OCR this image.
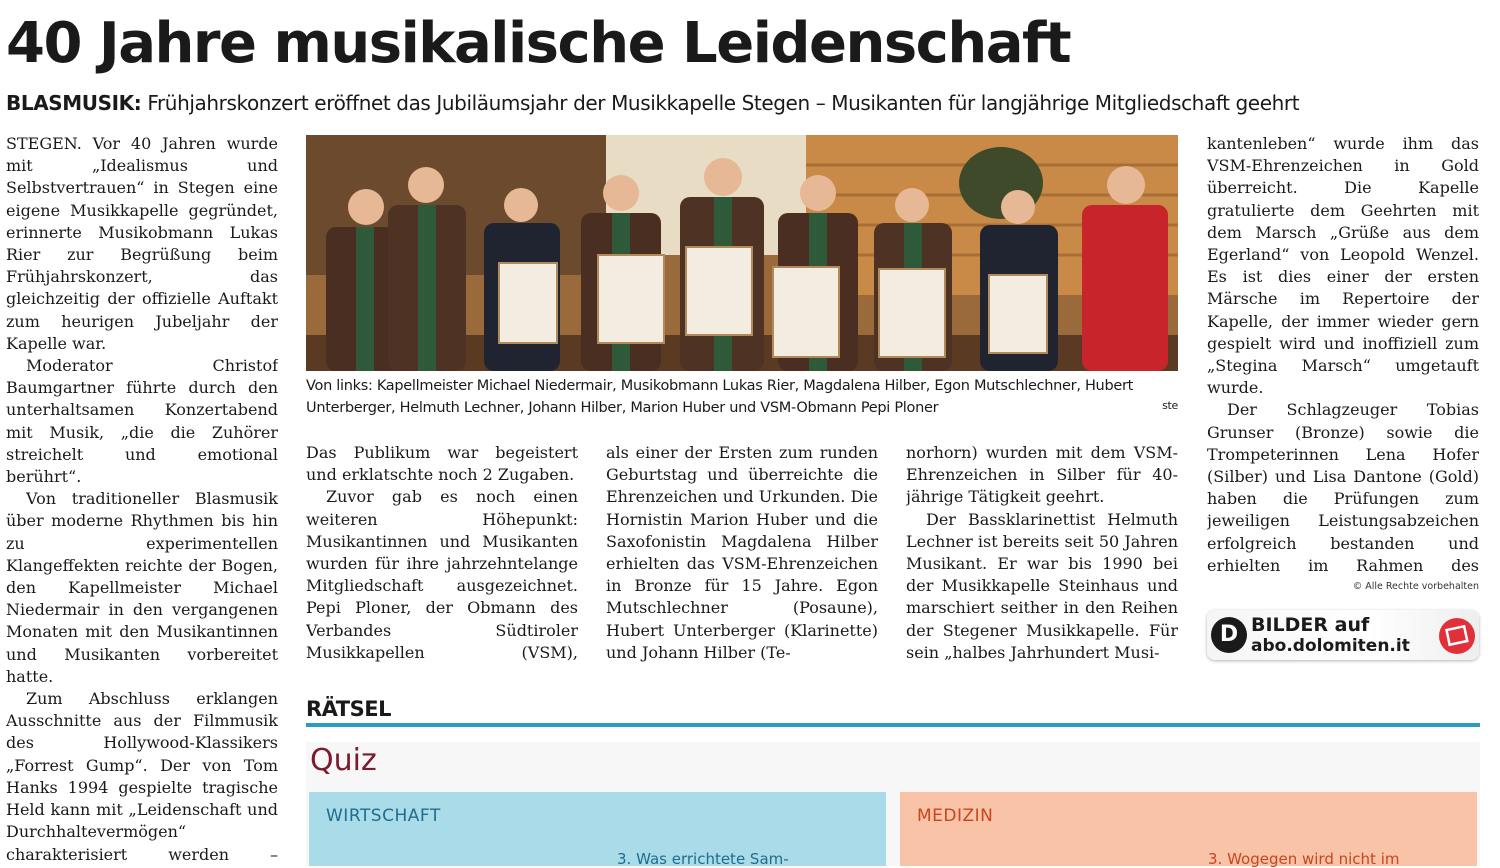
40 Jahre musikalische Leidenschaft
BLASMUSIK: Frühjahrskonzert eröffnet das Jubiläumsjahr der Musikkapelle Stegen – Musikanten für langjährige Mitgliedschaft geehrt

STEGEN. Vor 40 Jahren wurde mit „Idealismus und Selbstvertrauen“ in Stegen eine eigene Musikkapelle gegründet, erinnerte Musikobmann Lukas Rier zur Begrüßung beim Frühjahrskonzert, das gleichzeitig der offizielle Auftakt zum heurigen Jubeljahr der Kapelle war.

Moderator Christof Baumgartner führte durch den unterhaltsamen Konzertabend mit Musik, „die die Zuhörer streichelt und emotional berührt“.

Von traditioneller Blasmusik über moderne Rhythmen bis hin zu experimentellen Klangeffekten reichte der Bogen, den Kapellmeister Michael Niedermair in den vergangenen Monaten mit den Musikantinnen und Musikanten vorbereitet hatte.

Zum Abschluss erklangen Ausschnitte aus der Filmmusik des Hollywood-Klassikers „Forrest Gump“. Der von Tom Hanks 1994 gespielte tragische Held kann mit „Leidenschaft und Durchhaltevermögen“ charakterisiert werden –

Von links: Kapellmeister Michael Niedermair, Musikobmann Lukas Rier, Magdalena Hilber, Egon Mutschlechner, Hubert Unterberger, Helmuth Lechner, Johann Hilber, Marion Huber und VSM-Obmann Pepi Ploner	ste

Das Publikum war begeistert und erklatschte noch 2 Zugaben.

Zuvor gab es noch einen weiteren Höhepunkt: Musikantinnen und Musikanten wurden für ihre jahrzehntelange Mitgliedschaft ausgezeichnet. Pepi Ploner, der Obmann des Verbandes Südtiroler Musikkapellen (VSM),

als einer der Ersten zum runden Geburtstag und überreichte die Ehrenzeichen und Urkunden. Die Hornistin Marion Huber und die Saxofonistin Magdalena Hilber erhielten das VSM-Ehrenzeichen in Bronze für 15 Jahre. Egon Mutschlechner (Posaune), Hubert Unterberger (Klarinette) und Johann Hilber (Te-

norhorn) wurden mit dem VSM-Ehrenzeichen in Silber für 40-jährige Tätigkeit geehrt.

Der Bassklarinettist Helmuth Lechner ist bereits seit 50 Jahren Musikant. Er war bis 1990 bei der Musikkapelle Steinhaus und marschiert seither in den Reihen der Stegener Musikkapelle. Für sein „halbes Jahrhundert Musi-

kantenleben“ wurde ihm das VSM-Ehrenzeichen in Gold überreicht. Die Kapelle gratulierte dem Geehrten mit dem Marsch „Grüße aus dem Egerland“ von Leopold Wenzel. Es ist dies einer der ersten Märsche im Repertoire der Kapelle, der immer wieder gern gespielt wird und inoffiziell zum „Stegina Marsch“ umgetauft wurde.

Der Schlagzeuger Tobias Grunser (Bronze) sowie die Trompeterinnen Lena Hofer (Silber) und Lisa Dantone (Gold) haben die Prüfungen zum jeweiligen Leistungsabzeichen erfolgreich bestanden und erhielten im Rahmen des

© Alle Rechte vorbehalten
D BILDER auf
abo.dolomiten.it
RÄTSEL
Quiz
WIRTSCHAFT
3. Was errichtete Sam-
MEDIZIN
3. Wogegen wird nicht im
